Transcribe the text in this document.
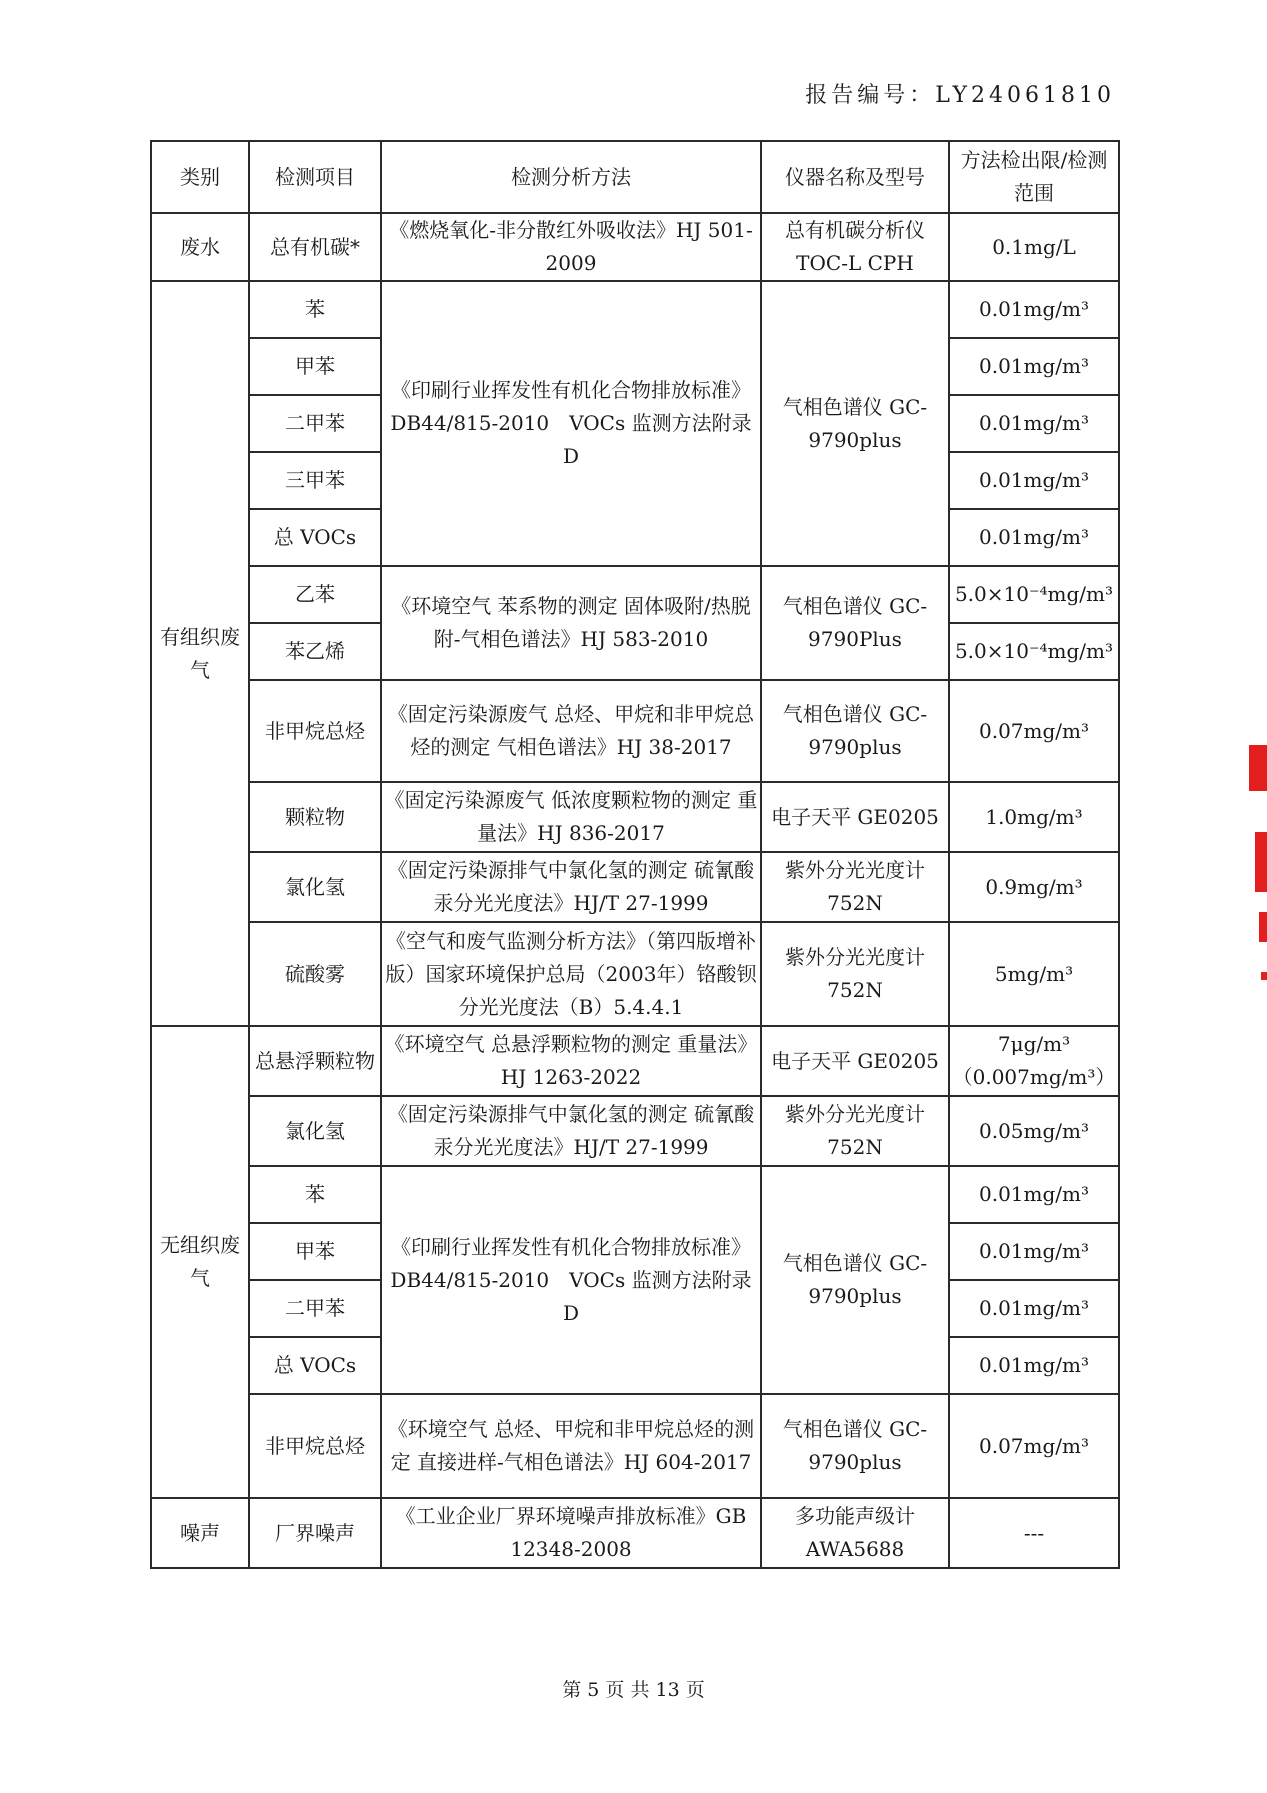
报告编号：LY24061810
类别	检测项目	检测分析方法	仪器名称及型号	方法检出限/检测范围
废水	总有机碳*	《燃烧氧化-非分散红外吸收法》HJ 501-2009	总有机碳分析仪 TOC-L CPH	0.1mg/L
有组织废气	苯	《印刷行业挥发性有机化合物排放标准》DB44/815-2010　VOCs 监测方法附录 D	气相色谱仪 GC-9790plus	0.01mg/m³
	甲苯			0.01mg/m³
	二甲苯			0.01mg/m³
	三甲苯			0.01mg/m³
	总 VOCs			0.01mg/m³
	乙苯	《环境空气 苯系物的测定 固体吸附/热脱附-气相色谱法》HJ 583-2010	气相色谱仪 GC-9790Plus	5.0×10⁻⁴mg/m³
	苯乙烯			5.0×10⁻⁴mg/m³
	非甲烷总烃	《固定污染源废气 总烃、甲烷和非甲烷总烃的测定 气相色谱法》HJ 38-2017	气相色谱仪 GC-9790plus	0.07mg/m³
	颗粒物	《固定污染源废气 低浓度颗粒物的测定 重量法》HJ 836-2017	电子天平 GE0205	1.0mg/m³
	氯化氢	《固定污染源排气中氯化氢的测定 硫氰酸汞分光光度法》HJ/T 27-1999	紫外分光光度计 752N	0.9mg/m³
	硫酸雾	《空气和废气监测分析方法》（第四版增补版）国家环境保护总局（2003年）铬酸钡分光光度法（B）5.4.4.1	紫外分光光度计 752N	5mg/m³
无组织废气	总悬浮颗粒物	《环境空气 总悬浮颗粒物的测定 重量法》HJ 1263-2022	电子天平 GE0205	7μg/m³（0.007mg/m³）
	氯化氢	《固定污染源排气中氯化氢的测定 硫氰酸汞分光光度法》HJ/T 27-1999	紫外分光光度计 752N	0.05mg/m³
	苯	《印刷行业挥发性有机化合物排放标准》DB44/815-2010　VOCs 监测方法附录 D	气相色谱仪 GC-9790plus	0.01mg/m³
	甲苯			0.01mg/m³
	二甲苯			0.01mg/m³
	总 VOCs			0.01mg/m³
	非甲烷总烃	《环境空气 总烃、甲烷和非甲烷总烃的测定 直接进样-气相色谱法》HJ 604-2017	气相色谱仪 GC-9790plus	0.07mg/m³
噪声	厂界噪声	《工业企业厂界环境噪声排放标准》GB 12348-2008	多功能声级计 AWA5688	---
第 5 页 共 13 页
